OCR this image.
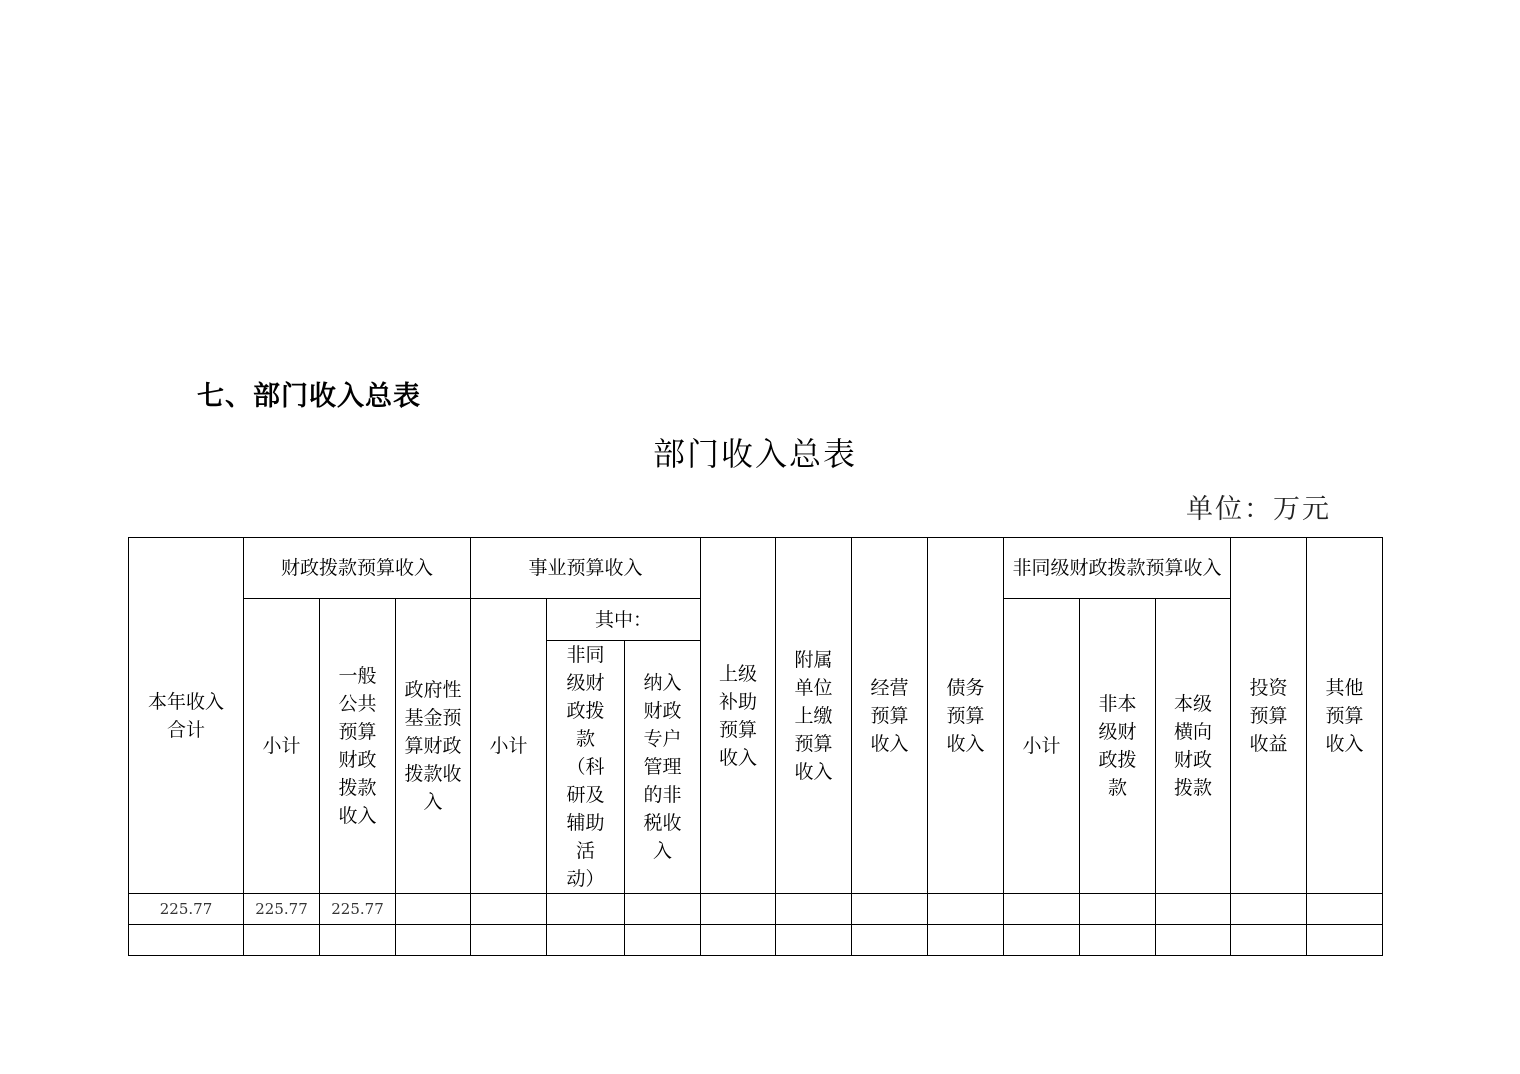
七、部门收入总表
部门收入总表
单位：万元
本年收入合计	财政拨款预算收入			事业预算收入			上级补助预算收入	附属单位上缴预算收入	经营预算收入	债务预算收入	非同级财政拨款预算收入			投资预算收益	其他预算收入
	小计	一般公共预算财政拨款收入	政府性基金预算财政拨款收入	小计	其中：						小计	非本级财政拨款	本级横向财政拨款		
					非同级财政拨款（科研及辅助活动）	纳入财政专户管理的非税收入									
225.77	225.77	225.77													
